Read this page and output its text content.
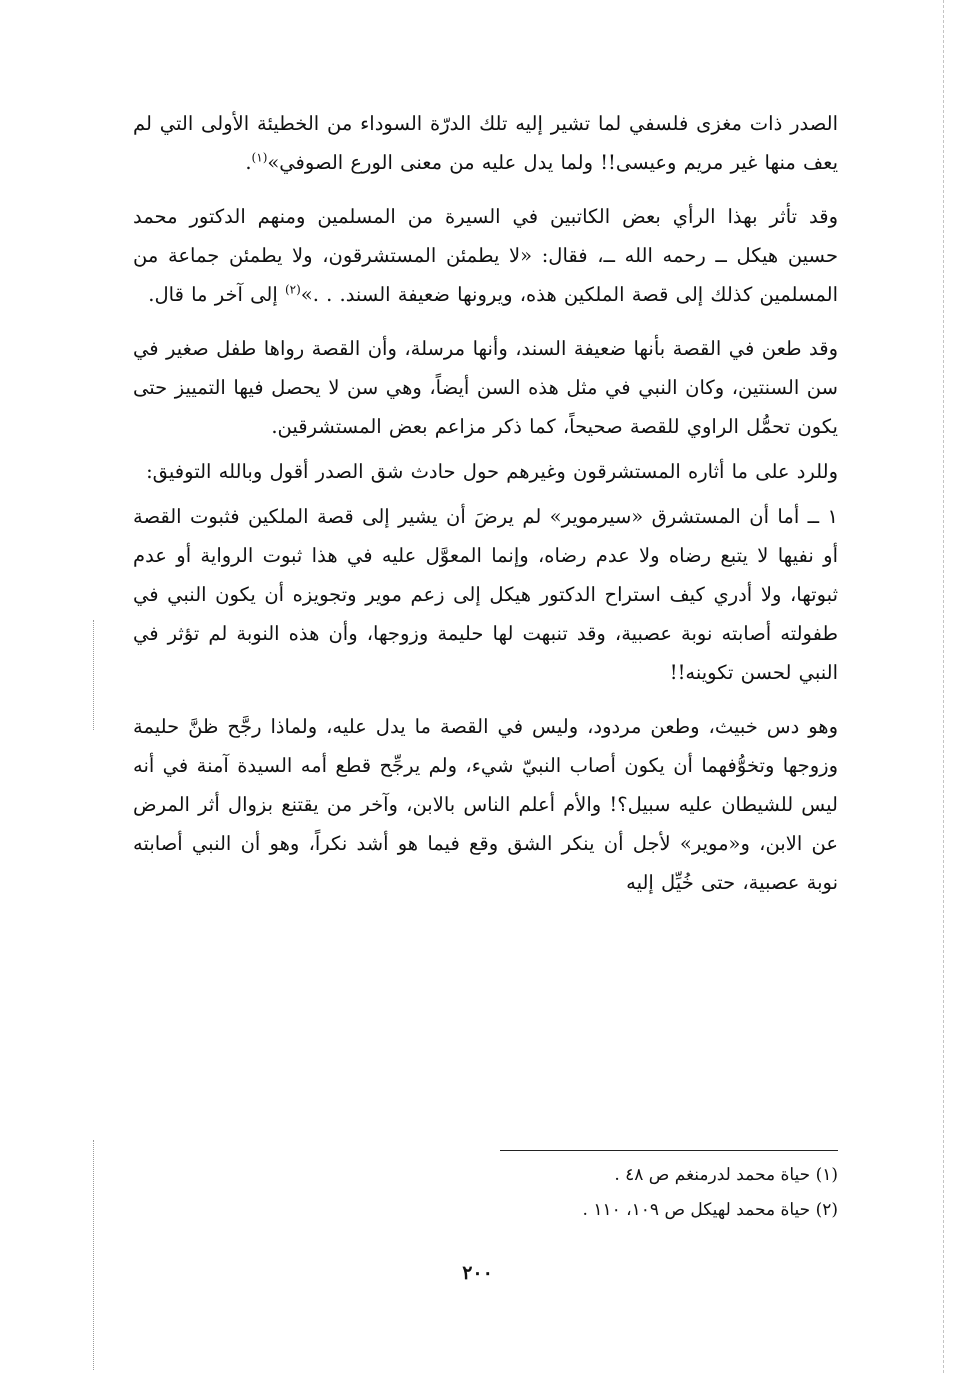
الصدر ذات مغزى فلسفي لما تشير إليه تلك الدرّة السوداء من الخطيئة الأولى التي لم يعف منها غير مريم وعيسى!! ولما يدل عليه من معنى الورع الصوفي»$^{(١)}$.

وقد تأثر بهذا الرأي بعض الكاتبين في السيرة من المسلمين ومنهم الدكتور محمد حسين هيكل ــ رحمه الله ــ، فقال: «لا يطمئن المستشرقون، ولا يطمئن جماعة من المسلمين كذلك إلى قصة الملكين هذه، ويرونها ضعيفة السند. . .»$^{(٢)}$ إلى آخر ما قال.

وقد طعن في القصة بأنها ضعيفة السند، وأنها مرسلة، وأن القصة رواها طفل صغير في سن السنتين، وكان النبي في مثل هذه السن أيضاً، وهي سن لا يحصل فيها التمييز حتى يكون تحمُّل الراوي للقصة صحيحاً، كما ذكر مزاعم بعض المستشرقين.

وللرد على ما أثاره المستشرقون وغيرهم حول حادث شق الصدر أقول وبالله التوفيق:

١ ــ أما أن المستشرق «سيرموير» لم يرضَ أن يشير إلى قصة الملكين فثبوت القصة أو نفيها لا يتبع رضاه ولا عدم رضاه، وإنما المعوَّل عليه في هذا ثبوت الرواية أو عدم ثبوتها، ولا أدري كيف استراح الدكتور هيكل إلى زعم موير وتجويزه أن يكون النبي في طفولته أصابته نوبة عصبية، وقد تنبهت لها حليمة وزوجها، وأن هذه النوبة لم تؤثر في النبي لحسن تكوينه!!

وهو دس خبيث، وطعن مردود، وليس في القصة ما يدل عليه، ولماذا رجَّح ظنَّ حليمة وزوجها وتخوُّفهما أن يكون أصاب النبيّ شيء، ولم يرجِّح قطع أمه السيدة آمنة في أنه ليس للشيطان عليه سبيل؟! والأم أعلم الناس بالابن، وآخر من يقتنع بزوال أثر المرض عن الابن، و«موير» لأجل أن ينكر الشق وقع فيما هو أشد نكراً، وهو أن النبي أصابته نوبة عصبية، حتى خُيِّل إليه

(١) حياة محمد لدرمنغم ص ٤٨ .

(٢) حياة محمد لهيكل ص ١٠٩، ١١٠ .

٢٠٠
